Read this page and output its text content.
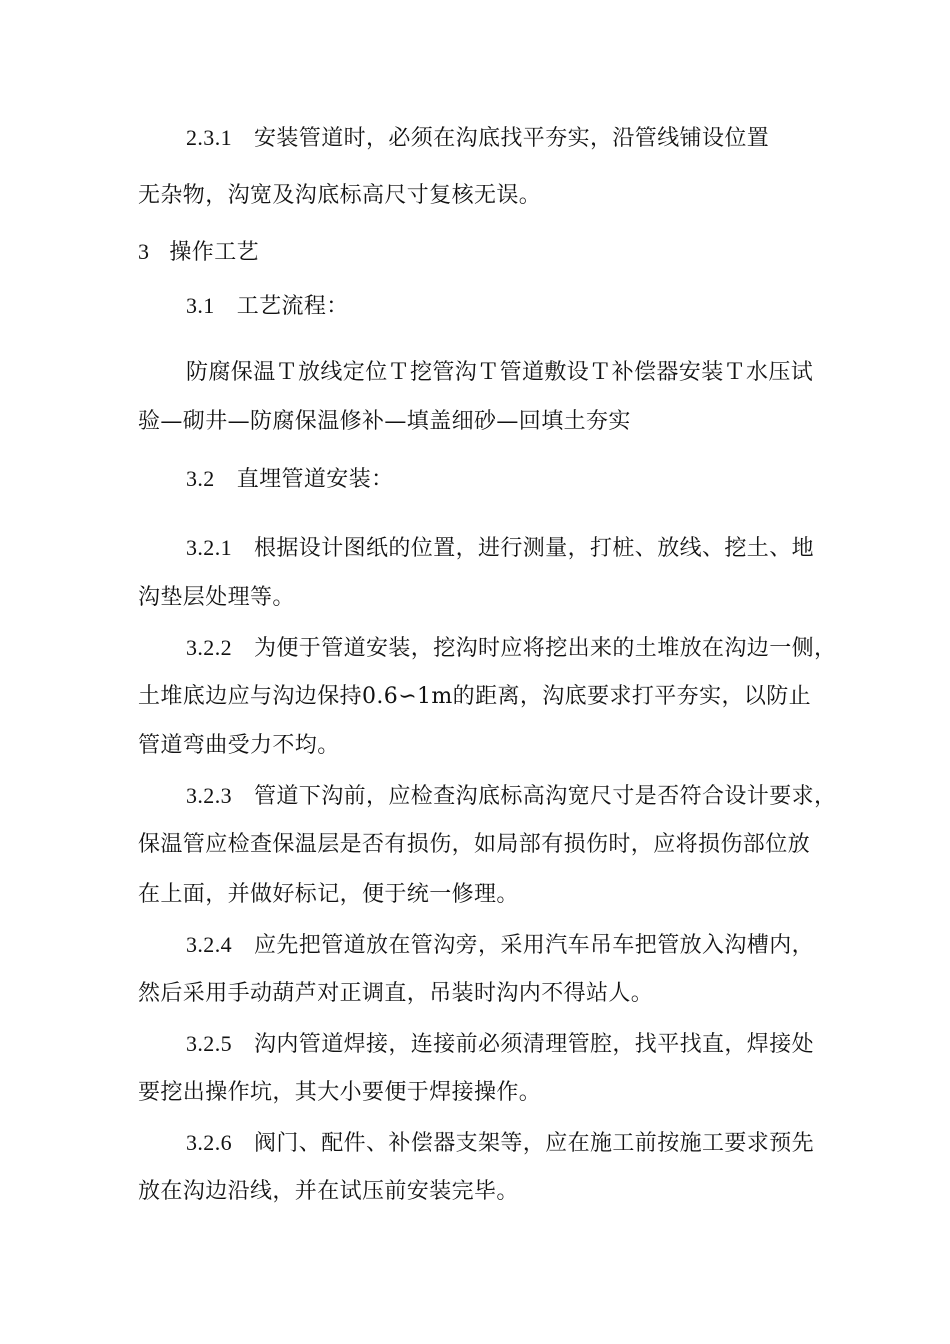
2.3.1 安装管道时，必须在沟底找平夯实，沿管线铺设位置
无杂物，沟宽及沟底标高尺寸复核无误。
3 操作工艺
3.1 工艺流程：
防腐保温Ｔ放线定位Ｔ挖管沟Ｔ管道敷设Ｔ补偿器安装Ｔ水压试
验—砌井—防腐保温修补—填盖细砂—回填土夯实
3.2 直埋管道安装：
3.2.1 根据设计图纸的位置，进行测量，打桩、放线、挖土、地
沟垫层处理等。
3.2.2 为便于管道安装，挖沟时应将挖出来的土堆放在沟边一侧，
土堆底边应与沟边保持0.6∽1m的距离，沟底要求打平夯实，以防止
管道弯曲受力不均。
3.2.3 管道下沟前，应检查沟底标高沟宽尺寸是否符合设计要求，
保温管应检查保温层是否有损伤，如局部有损伤时，应将损伤部位放
在上面，并做好标记，便于统一修理。
3.2.4 应先把管道放在管沟旁，采用汽车吊车把管放入沟槽内，
然后采用手动葫芦对正调直，吊装时沟内不得站人。
3.2.5 沟内管道焊接，连接前必须清理管腔，找平找直，焊接处
要挖出操作坑，其大小要便于焊接操作。
3.2.6 阀门、配件、补偿器支架等，应在施工前按施工要求预先
放在沟边沿线，并在试压前安装完毕。
